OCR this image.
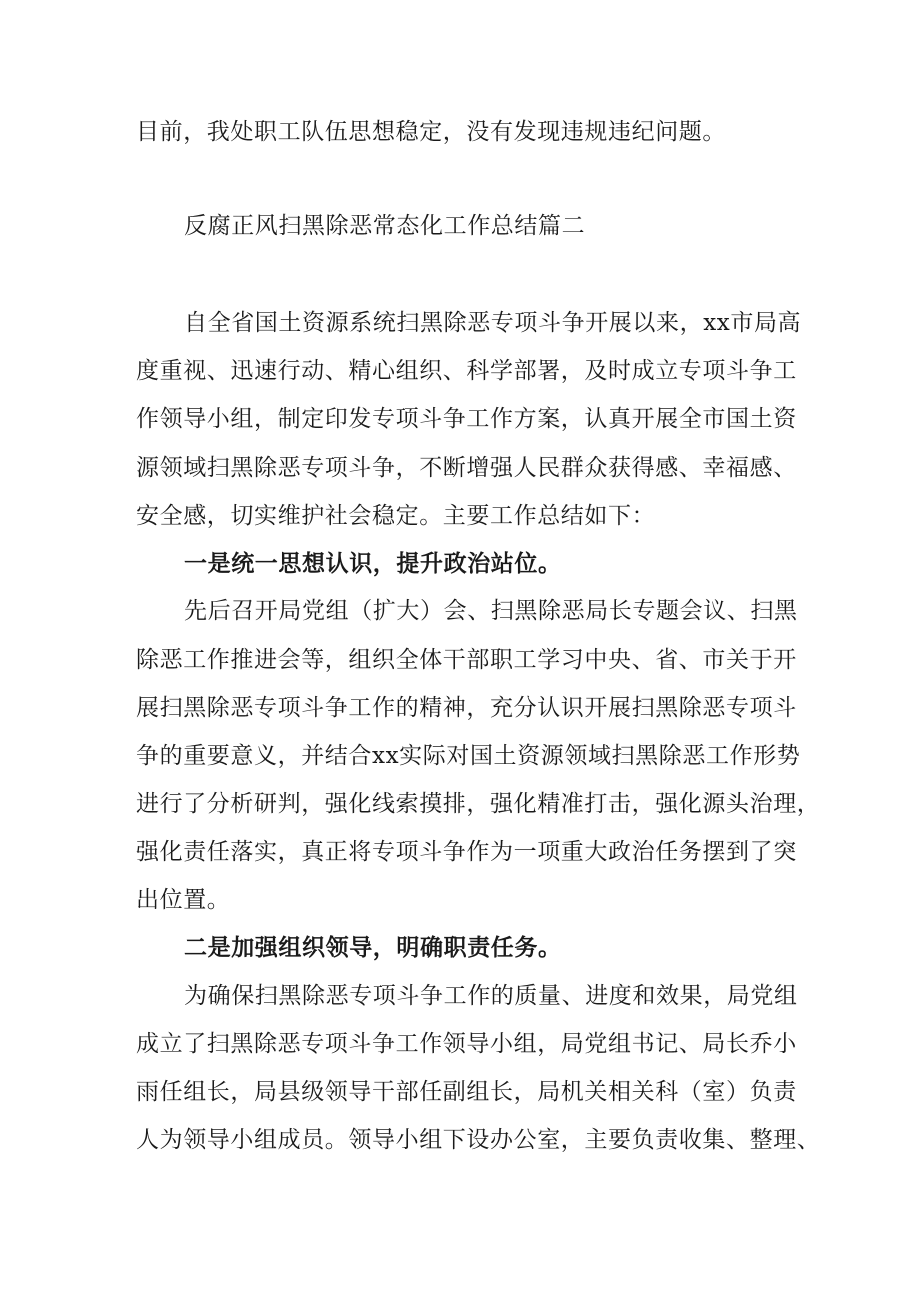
目前，我处职工队伍思想稳定，没有发现违规违纪问题。
反腐正风扫黑除恶常态化工作总结篇二
自全省国土资源系统扫黑除恶专项斗争开展以来，xx市局高
度重视、迅速行动、精心组织、科学部署，及时成立专项斗争工
作领导小组，制定印发专项斗争工作方案，认真开展全市国土资
源领域扫黑除恶专项斗争，不断增强人民群众获得感、幸福感、
安全感，切实维护社会稳定。主要工作总结如下：
一是统一思想认识，提升政治站位。
先后召开局党组（扩大）会、扫黑除恶局长专题会议、扫黑
除恶工作推进会等，组织全体干部职工学习中央、省、市关于开
展扫黑除恶专项斗争工作的精神，充分认识开展扫黑除恶专项斗
争的重要意义，并结合xx实际对国土资源领域扫黑除恶工作形势
进行了分析研判，强化线索摸排，强化精准打击，强化源头治理，
强化责任落实，真正将专项斗争作为一项重大政治任务摆到了突
出位置。
二是加强组织领导，明确职责任务。
为确保扫黑除恶专项斗争工作的质量、进度和效果，局党组
成立了扫黑除恶专项斗争工作领导小组，局党组书记、局长乔小
雨任组长，局县级领导干部任副组长，局机关相关科（室）负责
人为领导小组成员。领导小组下设办公室，主要负责收集、整理、
